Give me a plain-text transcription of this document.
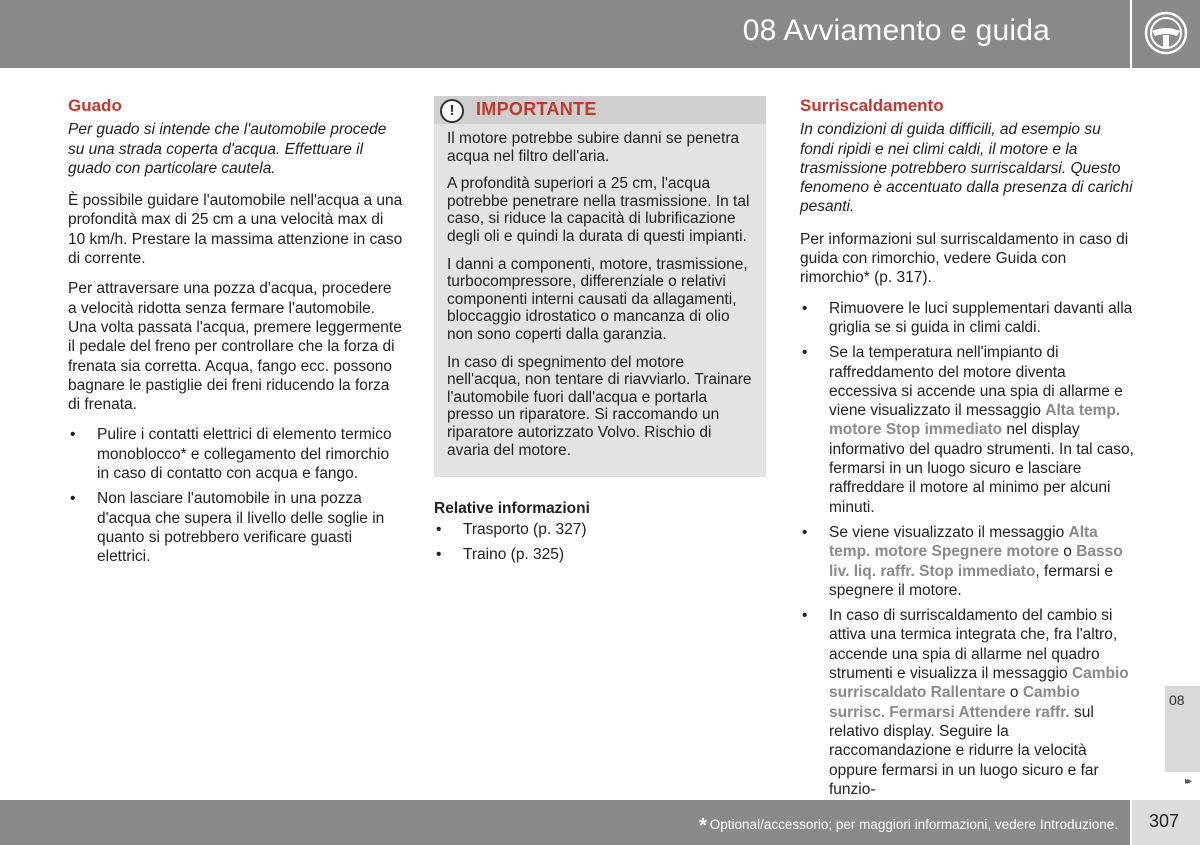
08 Avviamento e guida
Guado
Per guado si intende che l'automobile procede su una strada coperta d'acqua. Effettuare il guado con particolare cautela.

È possibile guidare l'automobile nell'acqua a una profondità max di 25 cm a una velocità max di 10 km/h. Prestare la massima attenzione in caso di corrente.

Per attraversare una pozza d'acqua, procedere a velocità ridotta senza fermare l'automobile. Una volta passata l'acqua, premere leggermente il pedale del freno per controllare che la forza di frenata sia corretta. Acqua, fango ecc. possono bagnare le pastiglie dei freni riducendo la forza di frenata.

• Pulire i contatti elettrici di elemento termico monoblocco* e collegamento del rimorchio in caso di contatto con acqua e fango.
• Non lasciare l'automobile in una pozza d'acqua che supera il livello delle soglie in quanto si potrebbero verificare guasti elettrici.
!	IMPORTANTE

Il motore potrebbe subire danni se penetra acqua nel filtro dell'aria.

A profondità superiori a 25 cm, l'acqua potrebbe penetrare nella trasmissione. In tal caso, si riduce la capacità di lubrificazione degli oli e quindi la durata di questi impianti.

I danni a componenti, motore, trasmissione, turbocompressore, differenziale o relativi componenti interni causati da allagamenti, bloccaggio idrostatico o mancanza di olio non sono coperti dalla garanzia.

In caso di spegnimento del motore nell'acqua, non tentare di riavviarlo. Trainare l'automobile fuori dall'acqua e portarla presso un riparatore. Si raccomando un riparatore autorizzato Volvo. Rischio di avaria del motore.

Relative informazioni
• Trasporto (p. 327)
• Traino (p. 325)
Surriscaldamento
In condizioni di guida difficili, ad esempio su fondi ripidi e nei climi caldi, il motore e la trasmissione potrebbero surriscaldarsi. Questo fenomeno è accentuato dalla presenza di carichi pesanti.

Per informazioni sul surriscaldamento in caso di guida con rimorchio, vedere Guida con rimorchio* (p. 317).

• Rimuovere le luci supplementari davanti alla griglia se si guida in climi caldi.
• Se la temperatura nell'impianto di raffreddamento del motore diventa eccessiva si accende una spia di allarme e viene visualizzato il messaggio Alta temp. motore Stop immediato nel display informativo del quadro strumenti. In tal caso, fermarsi in un luogo sicuro e lasciare raffreddare il motore al minimo per alcuni minuti.
• Se viene visualizzato il messaggio Alta temp. motore Spegnere motore o Basso liv. liq. raffr. Stop immediato, fermarsi e spegnere il motore.
• In caso di surriscaldamento del cambio si attiva una termica integrata che, fra l'altro, accende una spia di allarme nel quadro strumenti e visualizza il messaggio Cambio surriscaldato Rallentare o Cambio surrisc. Fermarsi Attendere raffr. sul relativo display. Seguire la raccomandazione e ridurre la velocità oppure fermarsi in un luogo sicuro e far funzio-
08
▸▸
* Optional/accessorio; per maggiori informazioni, vedere Introduzione. 307
